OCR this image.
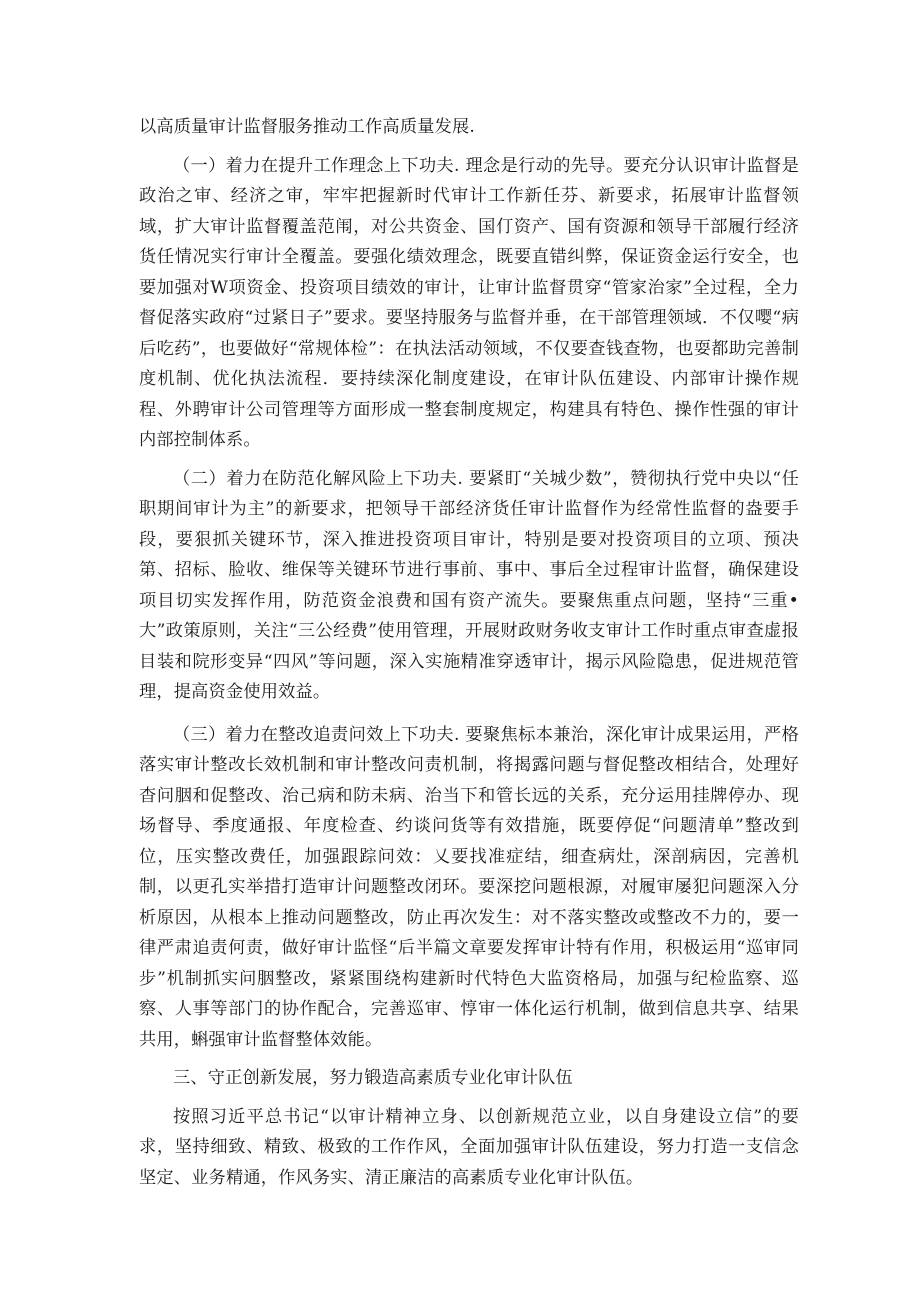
以高质量审计监督服务推动工作高质量发展.

（一）着力在提升工作理念上下功夫. 理念是行动的先导。要充分认识审计监督是政治之审、经济之审，牢牢把握新时代审计工作新任芬、新要求，拓展审计监督领域，扩大审计监督覆盖范闱，对公共资金、国仃资产、国有资源和领导干部履行经济货任情况实行审计全覆盖。要强化绩效理念，既要直错纠弊，保证资金运行安全，也要加强对W项资金、投资项目绩效的审计，让审计监督贯穿“管家治家”全过程，全力督促落实政府“过紧日子”要求。要坚持服务与监督并垂，在干部管理领域．不仅嘤“病后吃药”，也要做好“常规体检”：在执法活动领域，不仅要查钱查物，也耍都助完善制度机制、优化执法流程．要持续深化制度建设，在审计队伍建设、内部审计操作规程、外聘审计公司管理等方面形成一整套制度规定，构建具有特色、操作性强的审计内部控制体系。

（二）着力在防范化解风险上下功夫. 要紧盯“关城少数”，赞彻执行党中央以“任职期间审计为主”的新要求，把领导干部经济货任审计监督作为经常性监督的盎要手段，要狠抓关键环节，深入推进投资项目审计，特别是要对投资项目的立项、预决第、招标、脸收、维保等关键环节进行事前、事中、事后全过程审计监督，确保建设项目切实发挥作用，防范资金浪费和国有资产流失。要聚焦重点问题，坚持“三重•大”政策原则，关注“三公经费”使用管理，开展财政财务收支审计工作时重点审查虚报目装和院形变异“四风”等问题，深入实施精准穿透审计，揭示风险隐患，促进规范管理，提高资金使用效益。

（三）着力在整改追责问效上下功夫. 要聚焦标本兼治，深化审计成果运用，严格落实审计整改长效机制和审计整改问责机制，将揭露问题与督促整改相结合，处理好杳问胭和促整改、治己病和防未病、治当下和管长远的关系，充分运用挂牌停办、现场督导、季度通报、年度检查、约谈问货等有效措施，既要停促“问题清单”整改到位，压实整改费任，加强跟踪问效：乂要找准症结，细查病灶，深剖病因，完善机制，以更孔实举措打造审计问题整改闭环。要深挖问题根源，对履审屡犯问题深入分析原因，从根本上推动问题整改，防止再次发生：对不落实整改或整改不力的，要一律严肃追责何责，做好审计监怪“后半篇文章要发挥审计特有作用，积极运用“巡审同步”机制抓实问胭整改，紧紧围绕构建新时代特色大监资格局，加强与纪检监察、巡察、人事等部门的协作配合，完善巡审、惇审一体化运行机制，做到信息共享、结果共用，蝌强审计监督整体效能。

三、守正创新发展，努力锻造高素质专业化审计队伍

按照习近平总书记“以审计精神立身、以创新规范立业，以自身建设立信”的要求，坚持细致、精致、极致的工作作风，全面加强审计队伍建设，努力打造一支信念坚定、业务精通，作风务实、清正廉洁的高素质专业化审计队伍。
